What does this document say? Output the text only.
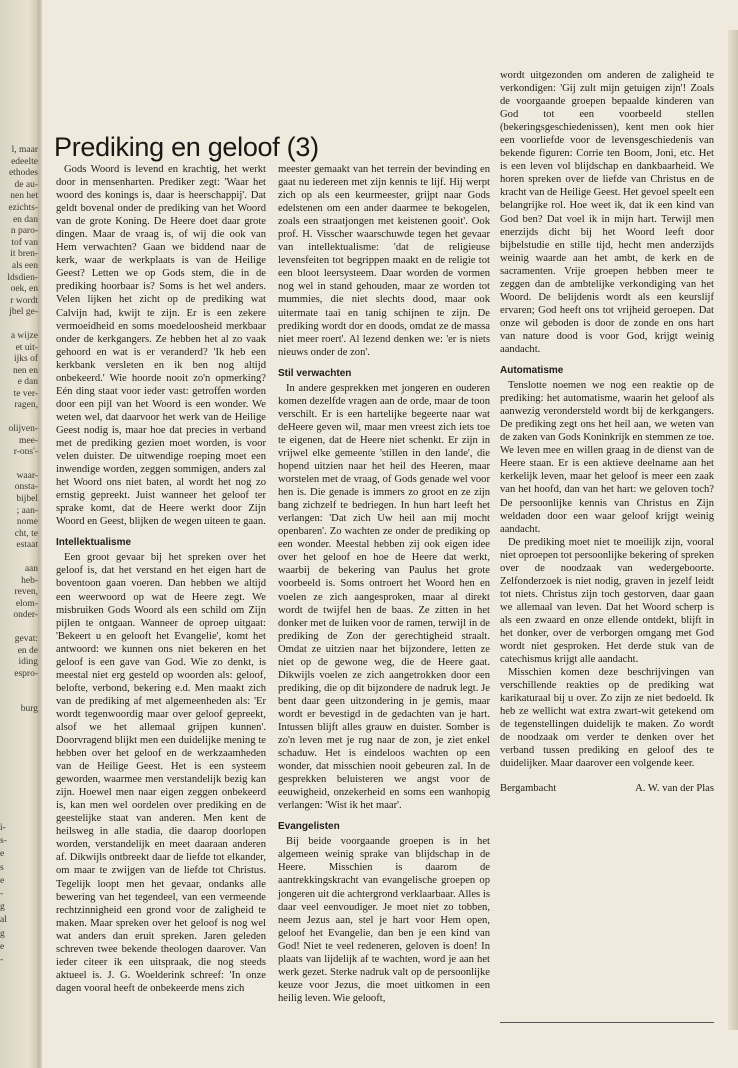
l, maar
edeelte
ethodes
de au-
nen het
ezichts-
en dan
n paro-
tof van
it bren-
als een
ldsdien-
oek, en
r wordt
jbel ge-
a wijze
et uit-
ijks of
nen en
e dan
te ver-
ragen,
olijven-
mee-
r-ons'-
waar-
onsta-
bijbel
; aan-
nome
cht, te
estaat
aan
heb-
reven,
elom-
onder-
gevat:
en de
iding
espro-
burg
i-
s-
e
s
e
-
g
al
g
e
-
Prediking en geloof (3)

Gods Woord is levend en krachtig, het werkt door in mensenharten. Prediker zegt: 'Waar het woord des konings is, daar is heerschappij'. Dat geldt bovenal onder de prediking van het Woord van de grote Koning. De Heere doet daar grote dingen. Maar de vraag is, of wij die ook van Hem verwachten? Gaan we biddend naar de kerk, waar de werkplaats is van de Heilige Geest? Letten we op Gods stem, die in de prediking hoorbaar is? Soms is het wel anders. Velen lijken het zicht op de prediking wat Calvijn had, kwijt te zijn. Er is een zekere vermoeidheid en soms moedeloosheid merkbaar onder de kerkgangers. Ze hebben het al zo vaak gehoord en wat is er veranderd? 'Ik heb een kerkbank versleten en ik ben nog altijd onbekeerd.' Wie hoorde nooit zo'n opmerking? Eén ding staat voor ieder vast: getroffen worden door een pijl van het Woord is een wonder. We weten wel, dat daarvoor het werk van de Heilige Geest nodig is, maar hoe dat precies in verband met de prediking gezien moet worden, is voor velen duister. De uitwendige roeping moet een inwendige worden, zeggen sommigen, anders zal het Woord ons niet baten, al wordt het nog zo ernstig gepreekt. Juist wanneer het geloof ter sprake komt, dat de Heere werkt door Zijn Woord en Geest, blijken de wegen uiteen te gaan.

Intellektualisme

Een groot gevaar bij het spreken over het geloof is, dat het verstand en het eigen hart de boventoon gaan voeren. Dan hebben we altijd een weerwoord op wat de Heere zegt. We misbruiken Gods Woord als een schild om Zijn pijlen te ontgaan. Wanneer de oproep uitgaat: 'Bekeert u en gelooft het Evangelie', komt het antwoord: we kunnen ons niet bekeren en het geloof is een gave van God. Wie zo denkt, is meestal niet erg gesteld op woorden als: geloof, belofte, verbond, bekering e.d. Men maakt zich van de prediking af met algemeenheden als: 'Er wordt tegenwoordig maar over geloof gepreekt, alsof we het allemaal grijpen kunnen'. Doorvragend blijkt men een duidelijke mening te hebben over het geloof en de werkzaamheden van de Heilige Geest. Het is een systeem geworden, waarmee men verstandelijk bezig kan zijn. Hoewel men naar eigen zeggen onbekeerd is, kan men wel oordelen over prediking en de geestelijke staat van anderen. Men kent de heilsweg in alle stadia, die daarop doorlopen worden, verstandelijk en meet daaraan anderen af. Dikwijls ontbreekt daar de liefde tot elkander, om maar te zwijgen van de liefde tot Christus. Tegelijk loopt men het gevaar, ondanks alle bewering van het tegendeel, van een vermeende rechtzinnigheid een grond voor de zaligheid te maken. Maar spreken over het geloof is nog wel wat anders dan eruit spreken. Jaren geleden schreven twee bekende theologen daarover. Van ieder citeer ik een uitspraak, die nog steeds aktueel is. J. G. Woelderink schreef: 'In onze dagen vooral heeft de onbekeerde mens zich

meester gemaakt van het terrein der bevinding en gaat nu iedereen met zijn kennis te lijf. Hij werpt zich op als een keurmeester, grijpt naar Gods edelstenen om een ander daarmee te bekogelen, zoals een straatjongen met keistenen gooit'. Ook prof. H. Visscher waarschuwde tegen het gevaar van intellektualisme: 'dat de religieuse levensfeiten tot begrippen maakt en de religie tot een bloot leersysteem. Daar worden de vormen nog wel in stand gehouden, maar ze worden tot mummies, die niet slechts dood, maar ook uitermate taai en tanig schijnen te zijn. De prediking wordt dor en doods, omdat ze de massa niet meer roert'. Al lezend denken we: 'er is niets nieuws onder de zon'.

Stil verwachten

In andere gesprekken met jongeren en ouderen komen dezelfde vragen aan de orde, maar de toon verschilt. Er is een hartelijke begeerte naar wat deHeere geven wil, maar men vreest zich iets toe te eigenen, dat de Heere niet schenkt. Er zijn in vrijwel elke gemeente 'stillen in den lande', die hopend uitzien naar het heil des Heeren, maar worstelen met de vraag, of Gods genade wel voor hen is. Die genade is immers zo groot en ze zijn bang zichzelf te bedriegen. In hun hart leeft het verlangen: 'Dat zich Uw heil aan mij mocht openbaren'. Zo wachten ze onder de prediking op een wonder. Meestal hebben zij ook eigen idee over het geloof en hoe de Heere dat werkt, waarbij de bekering van Paulus het grote voorbeeld is. Soms ontroert het Woord hen en voelen ze zich aangesproken, maar al direkt wordt de twijfel hen de baas. Ze zitten in het donker met de luiken voor de ramen, terwijl in de prediking de Zon der gerechtigheid straalt. Omdat ze uitzien naar het bijzondere, letten ze niet op de gewone weg, die de Heere gaat. Dikwijls voelen ze zich aangetrokken door een prediking, die op dit bijzondere de nadruk legt. Je bent daar geen uitzondering in je gemis, maar wordt er bevestigd in de gedachten van je hart. Intussen blijft alles grauw en duister. Somber is zo'n leven met je rug naar de zon, je ziet enkel schaduw. Het is eindeloos wachten op een wonder, dat misschien nooit gebeuren zal. In de gesprekken beluisteren we angst voor de eeuwigheid, onzekerheid en soms een wanhopig verlangen: 'Wist ik het maar'.

Evangelisten

Bij beide voorgaande groepen is in het algemeen weinig sprake van blijdschap in de Heere. Misschien is daarom de aantrekkingskracht van evangelische groepen op jongeren uit die achtergrond verklaarbaar. Alles is daar veel eenvoudiger. Je moet niet zo tobben, neem Jezus aan, stel je hart voor Hem open, geloof het Evangelie, dan ben je een kind van God! Niet te veel redeneren, geloven is doen! In plaats van lijdelijk af te wachten, word je aan het werk gezet. Sterke nadruk valt op de persoonlijke keuze voor Jezus, die moet uitkomen in een heilig leven. Wie gelooft,

wordt uitgezonden om anderen de zaligheid te verkondigen: 'Gij zult mijn getuigen zijn'! Zoals de voorgaande groepen bepaalde kinderen van God tot een voorbeeld stellen (bekeringsgeschiedenissen), kent men ook hier een voorliefde voor de levensgeschiedenis van bekende figuren: Corrie ten Boom, Joni, etc. Het is een leven vol blijdschap en dankbaarheid. We horen spreken over de liefde van Christus en de kracht van de Heilige Geest. Het gevoel speelt een belangrijke rol. Hoe weet ik, dat ik een kind van God ben? Dat voel ik in mijn hart. Terwijl men enerzijds dicht bij het Woord leeft door bijbelstudie en stille tijd, hecht men anderzijds weinig waarde aan het ambt, de kerk en de sacramenten. Vrije groepen hebben meer te zeggen dan de ambtelijke verkondiging van het Woord. De belijdenis wordt als een keurslijf ervaren; God heeft ons tot vrijheid geroepen. Dat onze wil geboden is door de zonde en ons hart van nature dood is voor God, krijgt weinig aandacht.

Automatisme

Tenslotte noemen we nog een reaktie op de prediking: het automatisme, waarin het geloof als aanwezig verondersteld wordt bij de kerkgangers. De prediking zegt ons het heil aan, we weten van de zaken van Gods Koninkrijk en stemmen ze toe. We leven mee en willen graag in de dienst van de Heere staan. Er is een aktieve deelname aan het kerkelijk leven, maar het geloof is meer een zaak van het hoofd, dan van het hart: we geloven toch? De persoonlijke kennis van Christus en Zijn weldaden door een waar geloof krijgt weinig aandacht.

De prediking moet niet te moeilijk zijn, vooral niet oproepen tot persoonlijke bekering of spreken over de noodzaak van wedergeboorte. Zelfonderzoek is niet nodig, graven in jezelf leidt tot niets. Christus zijn toch gestorven, daar gaan we allemaal van leven. Dat het Woord scherp is als een zwaard en onze ellende ontdekt, blijft in het donker, over de verborgen omgang met God wordt niet gesproken. Het derde stuk van de catechismus krijgt alle aandacht.

Misschien komen deze beschrijvingen van verschillende reakties op de prediking wat karikaturaal bij u over. Zo zijn ze niet bedoeld. Ik heb ze wellicht wat extra zwart-wit getekend om de tegenstellingen duidelijk te maken. Zo wordt de noodzaak om verder te denken over het verband tussen prediking en geloof des te duidelijker. Maar daarover een volgende keer.

Bergambacht	A. W. van der Plas
